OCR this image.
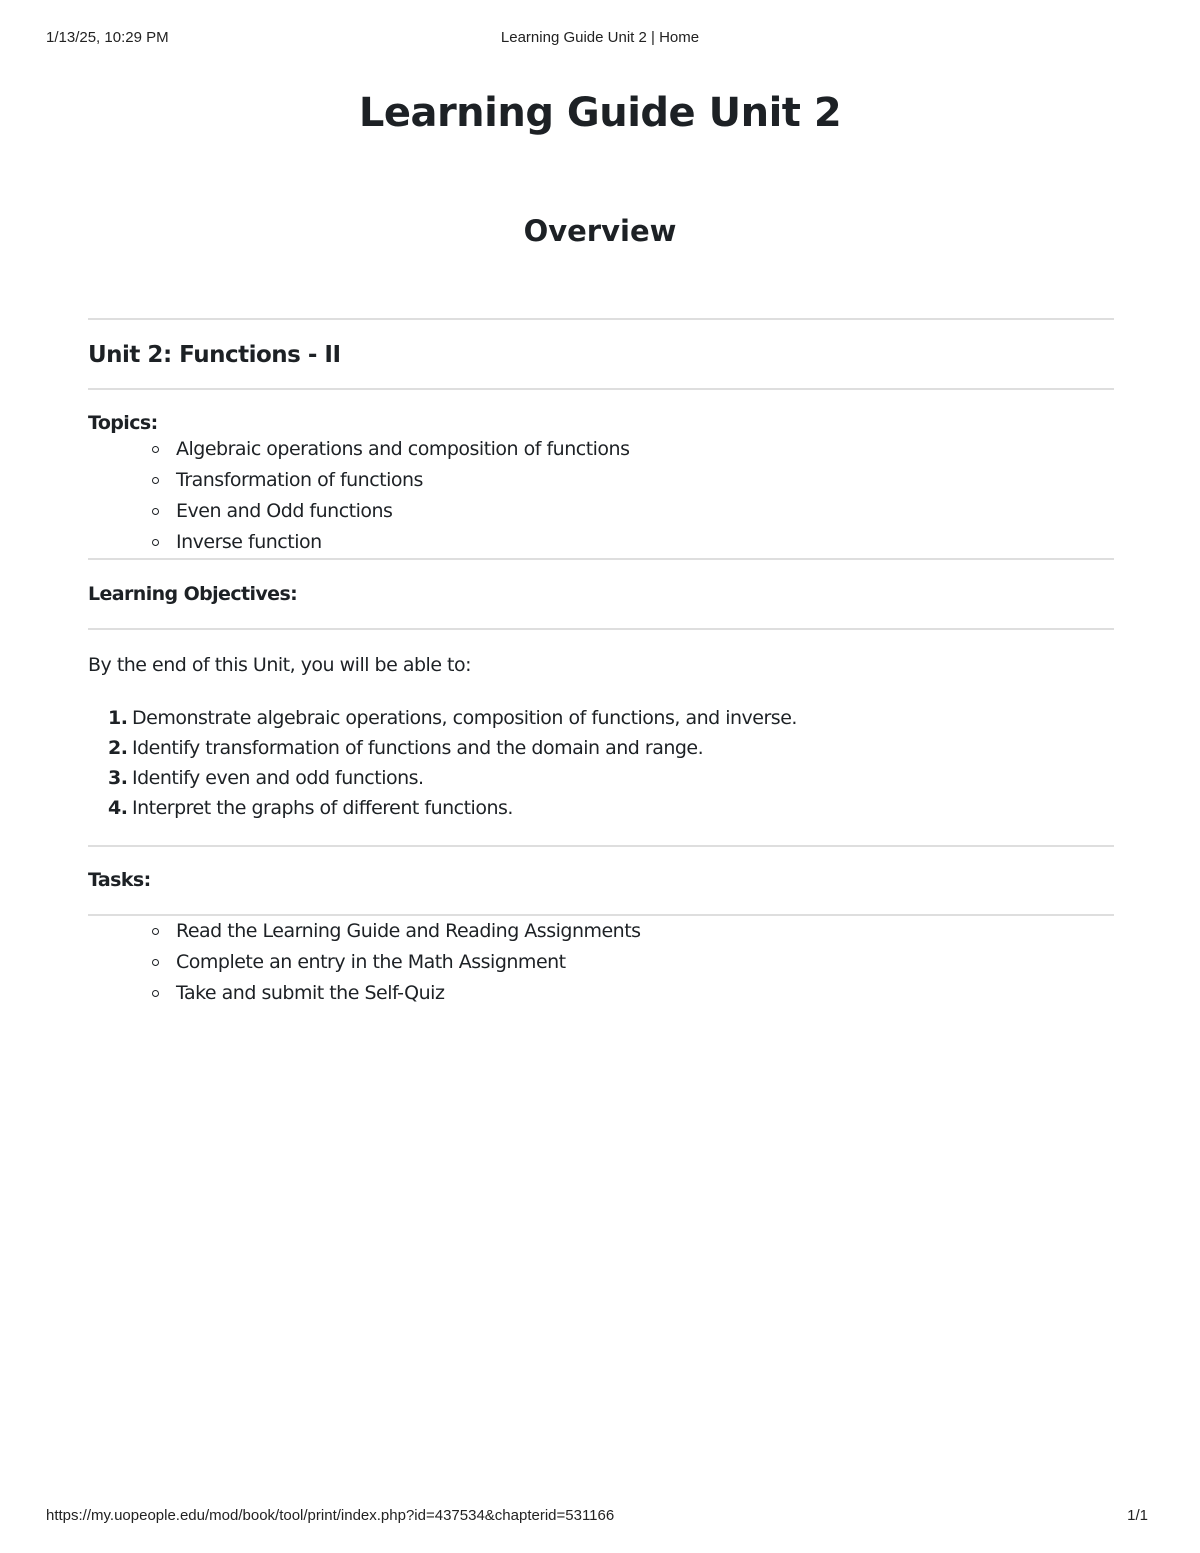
1/13/25, 10:29 PM	Learning Guide Unit 2 | Home
Learning Guide Unit 2
Overview
Unit 2: Functions - II
Topics:
Algebraic operations and composition of functions
Transformation of functions
Even and Odd functions
Inverse function
Learning Objectives:

By the end of this Unit, you will be able to:

1. Demonstrate algebraic operations, composition of functions, and inverse.
2. Identify transformation of functions and the domain and range.
3. Identify even and odd functions.
4. Interpret the graphs of different functions.
Tasks:
Read the Learning Guide and Reading Assignments
Complete an entry in the Math Assignment
Take and submit the Self-Quiz
https://my.uopeople.edu/mod/book/tool/print/index.php?id=437534&chapterid=531166	1/1
